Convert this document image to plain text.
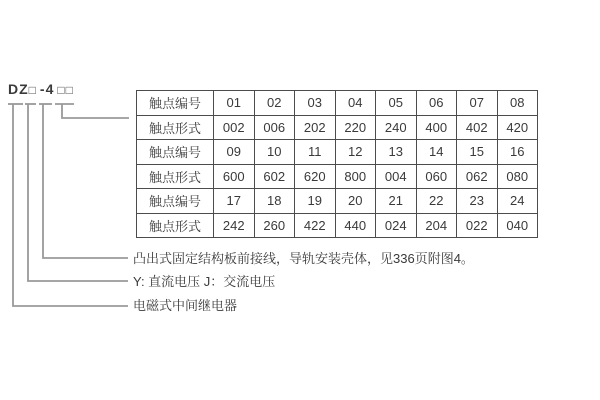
DZ□ -4 □□
触点编号	01	02	03	04	05	06	07	08
触点形式	002	006	202	220	240	400	402	420
触点编号	09	10	11	12	13	14	15	16
触点形式	600	602	620	800	004	060	062	080
触点编号	17	18	19	20	21	22	23	24
触点形式	242	260	422	440	024	204	022	040
凸出式固定结构板前接线，导轨安装壳体，见336页附图4。
Y: 直流电压 J：交流电压
电磁式中间继电器
